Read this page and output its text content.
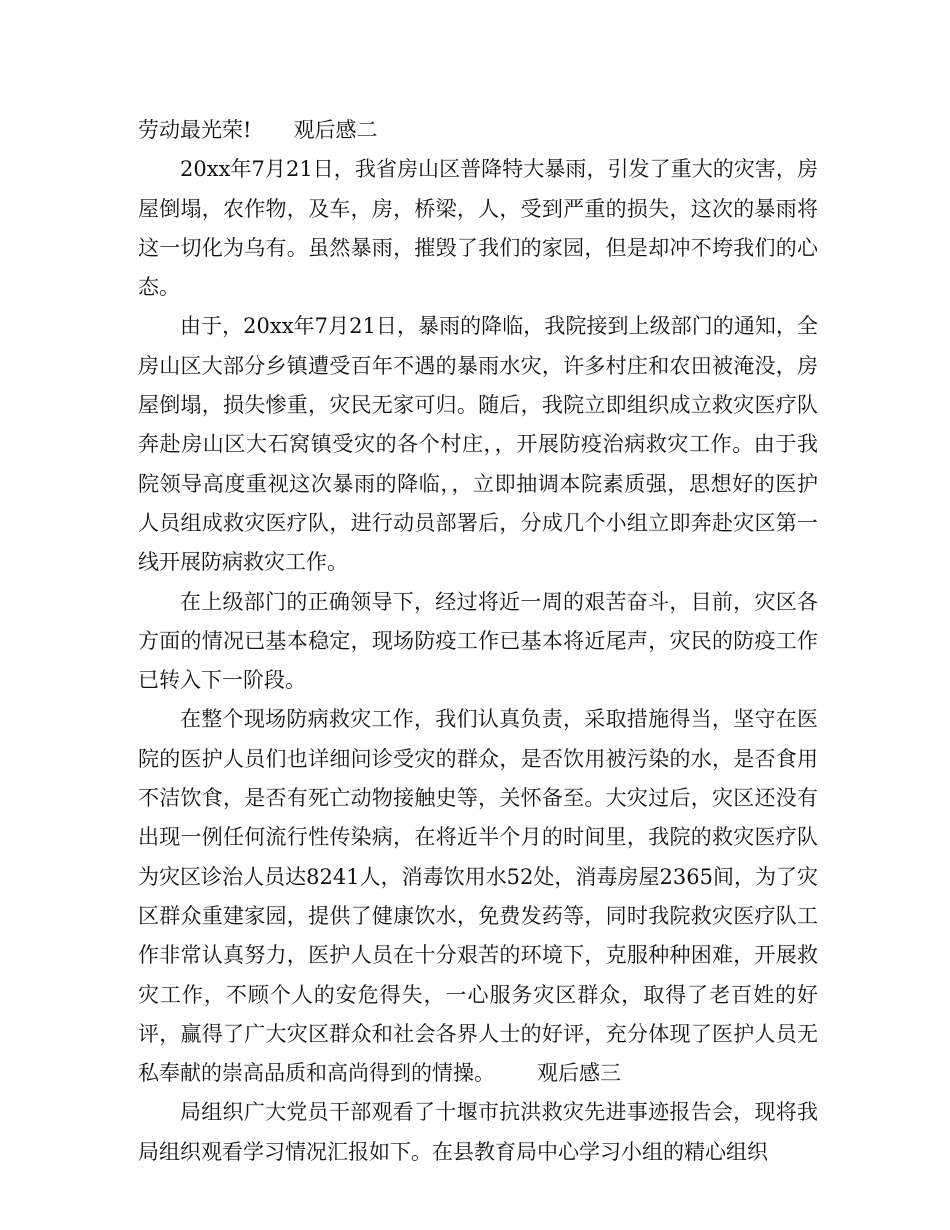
劳动最光荣! 观后感二

20xx年7月21日，我省房山区普降特大暴雨，引发了重大的灾害，房屋倒塌，农作物，及车，房，桥梁，人，受到严重的损失，这次的暴雨将这一切化为乌有。虽然暴雨，摧毁了我们的家园，但是却冲不垮我们的心态。

由于，20xx年7月21日，暴雨的降临，我院接到上级部门的通知，全房山区大部分乡镇遭受百年不遇的暴雨水灾，许多村庄和农田被淹没，房屋倒塌，损失惨重，灾民无家可归。随后，我院立即组织成立救灾医疗队奔赴房山区大石窝镇受灾的各个村庄，，开展防疫治病救灾工作。由于我院领导高度重视这次暴雨的降临，，立即抽调本院素质强，思想好的医护人员组成救灾医疗队，进行动员部署后，分成几个小组立即奔赴灾区第一线开展防病救灾工作。

在上级部门的正确领导下，经过将近一周的艰苦奋斗，目前，灾区各方面的情况已基本稳定，现场防疫工作已基本将近尾声，灾民的防疫工作已转入下一阶段。

在整个现场防病救灾工作，我们认真负责，采取措施得当，坚守在医院的医护人员们也详细问诊受灾的群众，是否饮用被污染的水，是否食用不洁饮食，是否有死亡动物接触史等，关怀备至。大灾过后，灾区还没有出现一例任何流行性传染病，在将近半个月的时间里，我院的救灾医疗队为灾区诊治人员达8241人，消毒饮用水52处，消毒房屋2365间，为了灾区群众重建家园，提供了健康饮水，免费发药等，同时我院救灾医疗队工作非常认真努力，医护人员在十分艰苦的环境下，克服种种困难，开展救灾工作，不顾个人的安危得失，一心服务灾区群众，取得了老百姓的好评，赢得了广大灾区群众和社会各界人士的好评，充分体现了医护人员无私奉献的崇高品质和高尚得到的情操。 观后感三

局组织广大党员干部观看了十堰市抗洪救灾先进事迹报告会，现将我局组织观看学习情况汇报如下。在县教育局中心学习小组的精心组织
